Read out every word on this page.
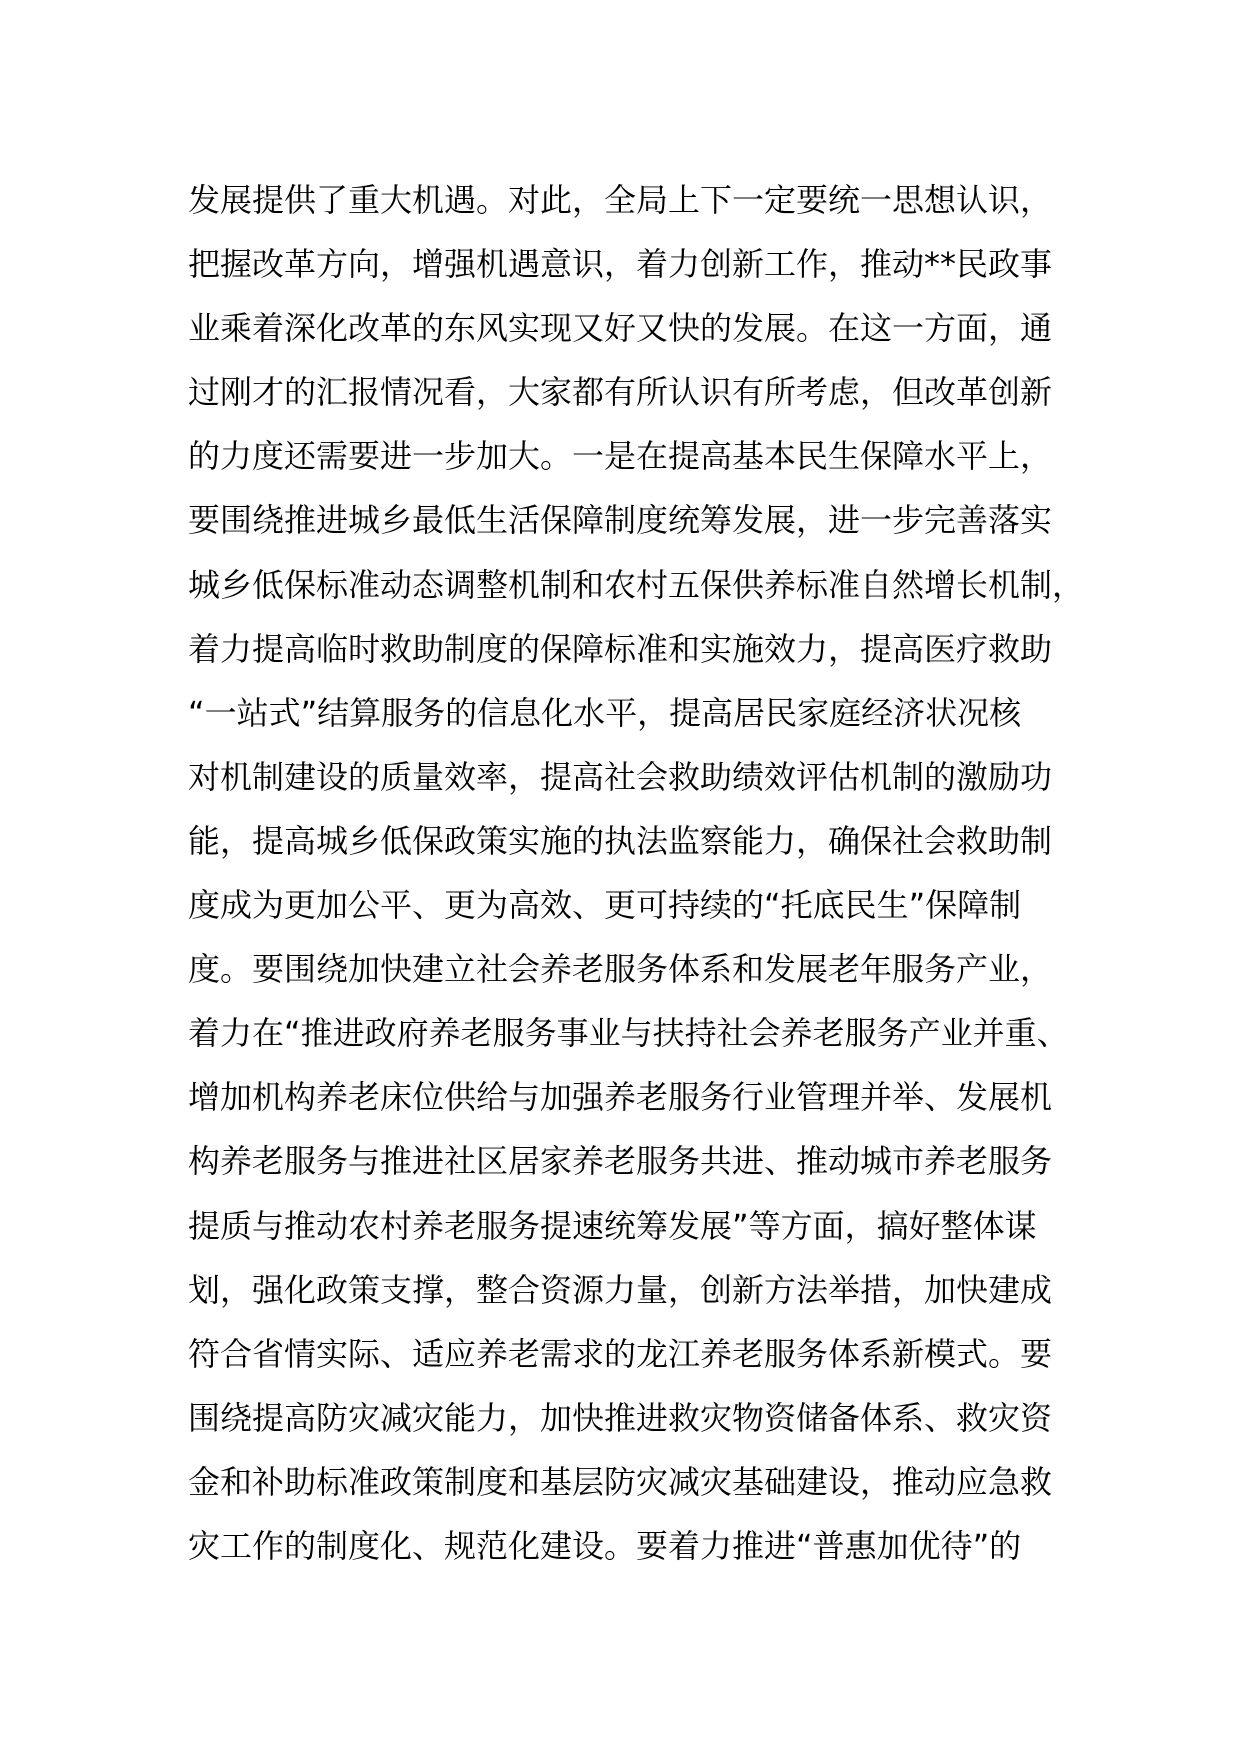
发展提供了重大机遇。对此，全局上下一定要统一思想认识，
把握改革方向，增强机遇意识，着力创新工作，推动**民政事
业乘着深化改革的东风实现又好又快的发展。在这一方面，通
过刚才的汇报情况看，大家都有所认识有所考虑，但改革创新
的力度还需要进一步加大。一是在提高基本民生保障水平上，
要围绕推进城乡最低生活保障制度统筹发展，进一步完善落实
城乡低保标准动态调整机制和农村五保供养标准自然增长机制，
着力提高临时救助制度的保障标准和实施效力，提高医疗救助
“一站式”结算服务的信息化水平，提高居民家庭经济状况核
对机制建设的质量效率，提高社会救助绩效评估机制的激励功
能，提高城乡低保政策实施的执法监察能力，确保社会救助制
度成为更加公平、更为高效、更可持续的“托底民生”保障制
度。要围绕加快建立社会养老服务体系和发展老年服务产业，
着力在“推进政府养老服务事业与扶持社会养老服务产业并重、
增加机构养老床位供给与加强养老服务行业管理并举、发展机
构养老服务与推进社区居家养老服务共进、推动城市养老服务
提质与推动农村养老服务提速统筹发展”等方面，搞好整体谋
划，强化政策支撑，整合资源力量，创新方法举措，加快建成
符合省情实际、适应养老需求的龙江养老服务体系新模式。要
围绕提高防灾减灾能力，加快推进救灾物资储备体系、救灾资
金和补助标准政策制度和基层防灾减灾基础建设，推动应急救
灾工作的制度化、规范化建设。要着力推进“普惠加优待”的
